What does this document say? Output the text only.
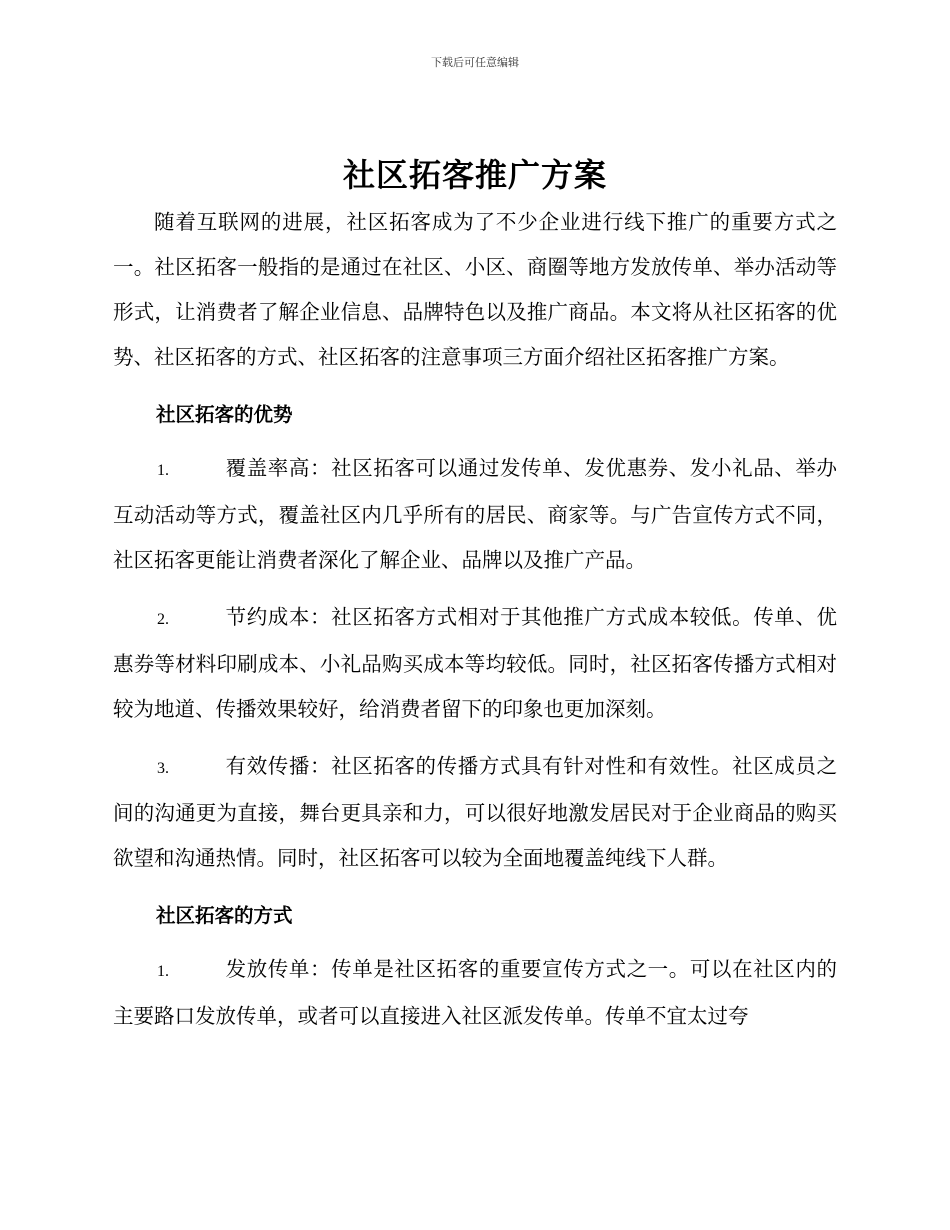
下载后可任意编辑
社区拓客推广方案

随着互联网的进展，社区拓客成为了不少企业进行线下推广的重要方式之一。社区拓客一般指的是通过在社区、小区、商圈等地方发放传单、举办活动等形式，让消费者了解企业信息、品牌特色以及推广商品。本文将从社区拓客的优势、社区拓客的方式、社区拓客的注意事项三方面介绍社区拓客推广方案。

社区拓客的优势

1.	覆盖率高：社区拓客可以通过发传单、发优惠券、发小礼品、举办互动活动等方式，覆盖社区内几乎所有的居民、商家等。与广告宣传方式不同，社区拓客更能让消费者深化了解企业、品牌以及推广产品。

2.	节约成本：社区拓客方式相对于其他推广方式成本较低。传单、优惠券等材料印刷成本、小礼品购买成本等均较低。同时，社区拓客传播方式相对较为地道、传播效果较好，给消费者留下的印象也更加深刻。

3.	有效传播：社区拓客的传播方式具有针对性和有效性。社区成员之间的沟通更为直接，舞台更具亲和力，可以很好地激发居民对于企业商品的购买欲望和沟通热情。同时，社区拓客可以较为全面地覆盖纯线下人群。

社区拓客的方式

1.	发放传单：传单是社区拓客的重要宣传方式之一。可以在社区内的主要路口发放传单，或者可以直接进入社区派发传单。传单不宜太过夸
